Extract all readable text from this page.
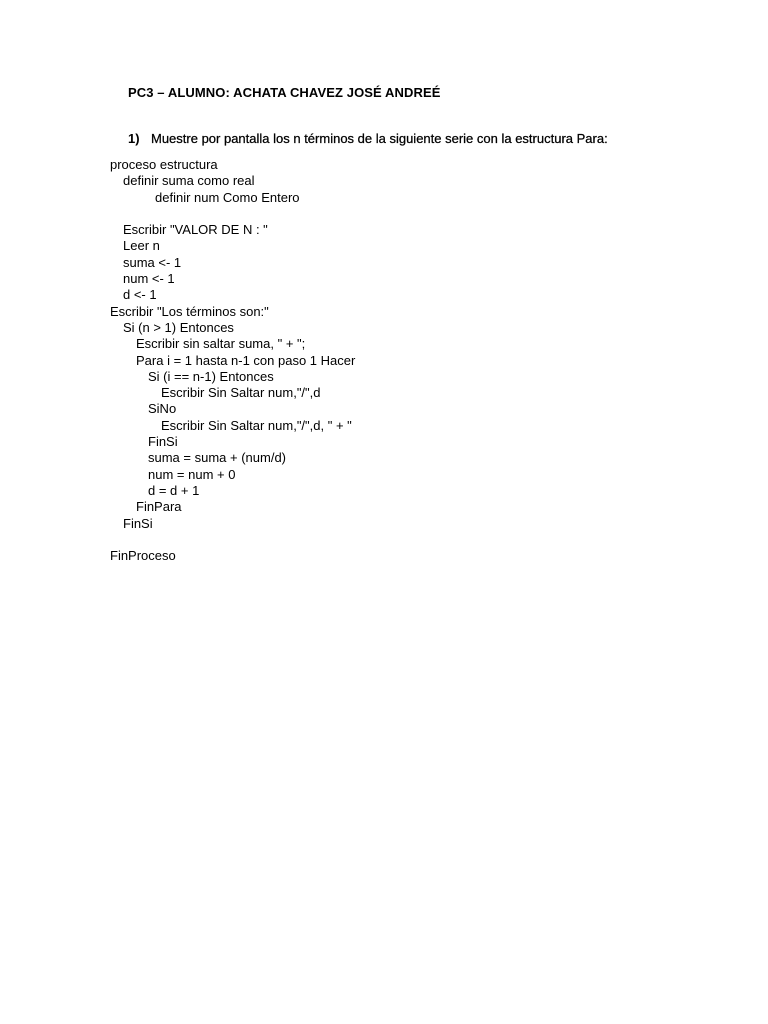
PC3 – ALUMNO: ACHATA CHAVEZ JOSÉ ANDREÉ
1) Muestre por pantalla los n términos de la siguiente serie con la estructura Para:
proceso estructura
definir suma como real
definir num Como Entero
Escribir "VALOR DE N : "
Leer n
suma <- 1
num <- 1
d <- 1
Escribir "Los términos son:"
Si (n > 1) Entonces
Escribir sin saltar suma, " + ";
Para i = 1 hasta n-1 con paso 1 Hacer
Si (i == n-1) Entonces
Escribir Sin Saltar num,"/",d
SiNo
Escribir Sin Saltar num,"/",d, " + "
FinSi
suma = suma + (num/d)
num = num + 0
d = d + 1
FinPara
FinSi
FinProceso
